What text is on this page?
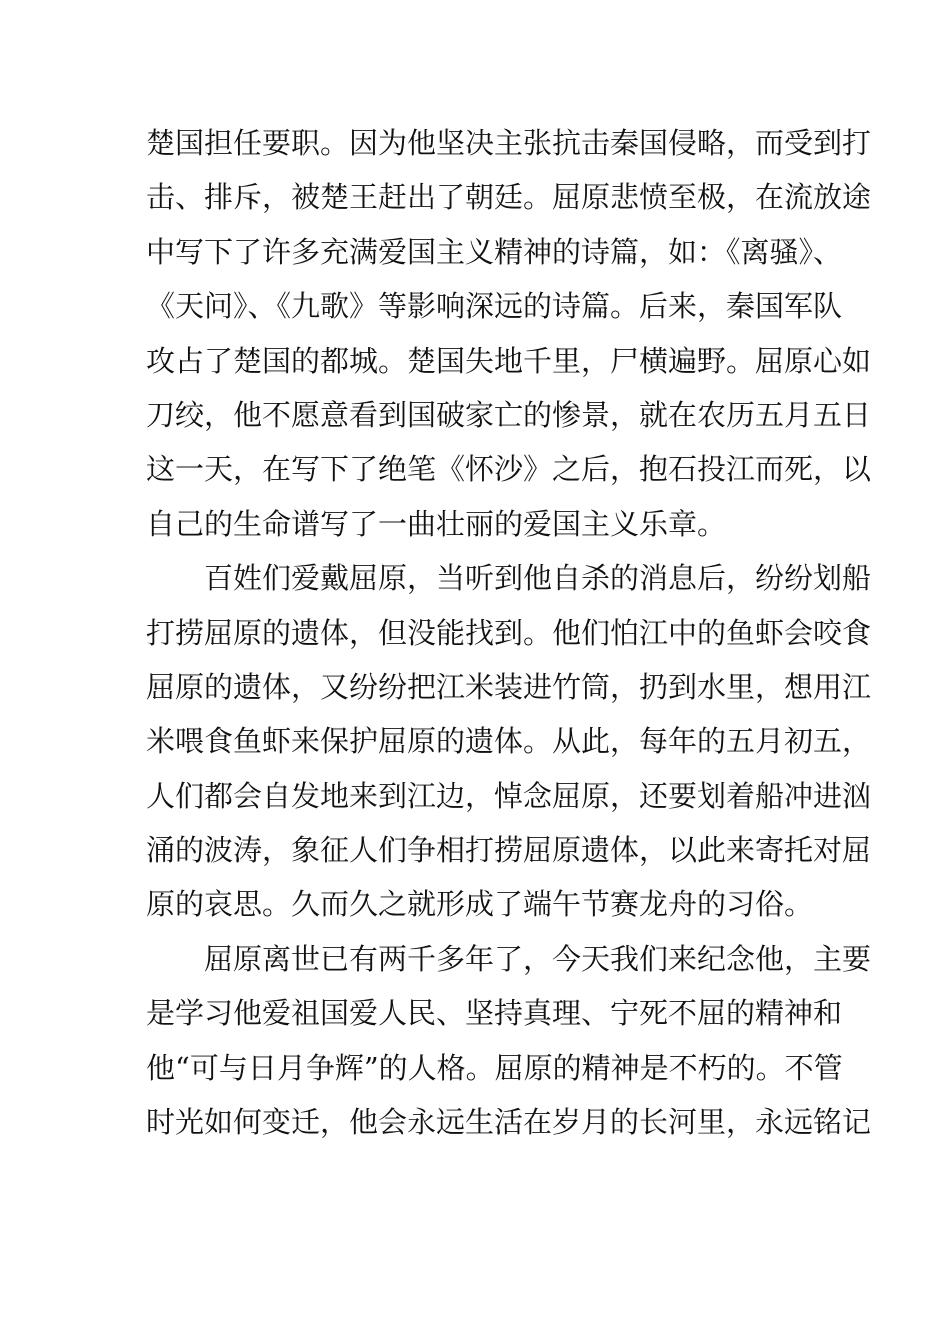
楚国担任要职。因为他坚决主张抗击秦国侵略，而受到打
击、排斥，被楚王赶出了朝廷。屈原悲愤至极，在流放途
中写下了许多充满爱国主义精神的诗篇，如：《离骚》、
《天问》、《九歌》等影响深远的诗篇。后来，秦国军队
攻占了楚国的都城。楚国失地千里，尸横遍野。屈原心如
刀绞，他不愿意看到国破家亡的惨景，就在农历五月五日
这一天，在写下了绝笔《怀沙》之后，抱石投江而死，以
自己的生命谱写了一曲壮丽的爱国主义乐章。
百姓们爱戴屈原，当听到他自杀的消息后，纷纷划船
打捞屈原的遗体，但没能找到。他们怕江中的鱼虾会咬食
屈原的遗体，又纷纷把江米装进竹筒，扔到水里，想用江
米喂食鱼虾来保护屈原的遗体。从此，每年的五月初五，
人们都会自发地来到江边，悼念屈原，还要划着船冲进汹
涌的波涛，象征人们争相打捞屈原遗体，以此来寄托对屈
原的哀思。久而久之就形成了端午节赛龙舟的习俗。
屈原离世已有两千多年了，今天我们来纪念他，主要
是学习他爱祖国爱人民、坚持真理、宁死不屈的精神和
他“可与日月争辉”的人格。屈原的精神是不朽的。不管
时光如何变迁，他会永远生活在岁月的长河里，永远铭记
